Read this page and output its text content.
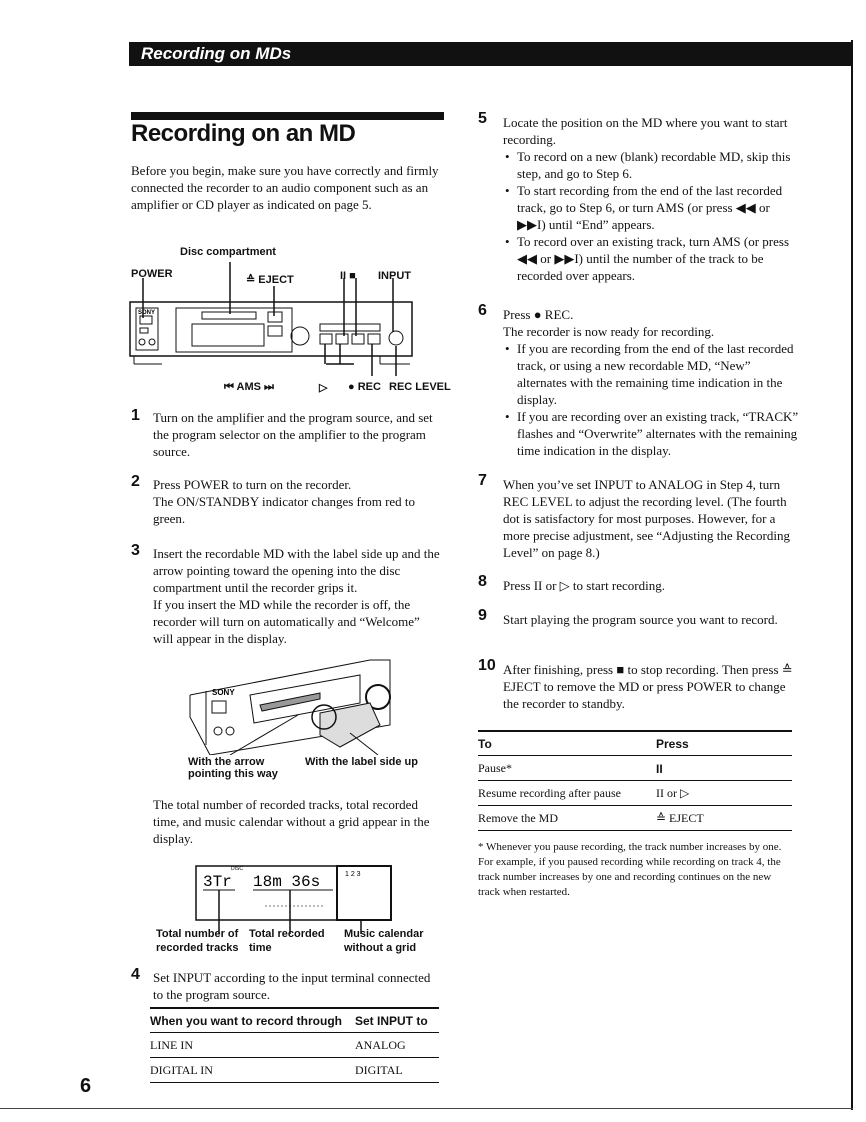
Recording on MDs
Recording on an MD
Before you begin, make sure you have correctly and firmly connected the recorder to an audio component such as an amplifier or CD player as indicated on page 5.
Disc compartment
POWER	≙ EJECT	II ■ INPUT
SONY
⏮ AMS ⏭	▷ ● REC REC LEVEL
1 Turn on the amplifier and the program source, and set the program selector on the amplifier to the program source.
2 Press POWER to turn on the recorder.
The ON/STANDBY indicator changes from red to green.
3 Insert the recordable MD with the label side up and the arrow pointing toward the opening into the disc compartment until the recorder grips it.
If you insert the MD while the recorder is off, the recorder will turn on automatically and “Welcome” will appear in the display.
SONY
With the arrow pointing this way
With the label side up
The total number of recorded tracks, total recorded time, and music calendar without a grid appear in the display.
DISC
3Tr 18m 36s	1 2 3
Total number of recorded tracks
Total recorded time
Music calendar without a grid
4 Set INPUT according to the input terminal connected to the program source.
When you want to record through	Set INPUT to
LINE IN	ANALOG
DIGITAL IN	DIGITAL
6
5 Locate the position on the MD where you want to start recording.
• To record on a new (blank) recordable MD, skip this step, and go to Step 6.
• To start recording from the end of the last recorded track, go to Step 6, or turn AMS (or press ◀◀ or ▶▶I) until “End” appears.
• To record over an existing track, turn AMS (or press ◀◀ or ▶▶I) until the number of the track to be recorded over appears.
6 Press ● REC.
The recorder is now ready for recording.
• If you are recording from the end of the last recorded track, or using a new recordable MD, “New” alternates with the remaining time indication in the display.
• If you are recording over an existing track, “TRACK” flashes and “Overwrite” alternates with the remaining time indication in the display.
7 When you’ve set INPUT to ANALOG in Step 4, turn REC LEVEL to adjust the recording level. (The fourth dot is satisfactory for most purposes. However, for a more precise adjustment, see “Adjusting the Recording Level” on page 8.)
8 Press II or ▷ to start recording.
9 Start playing the program source you want to record.
10 After finishing, press ■ to stop recording. Then press ≙ EJECT to remove the MD or press POWER to change the recorder to standby.
To	Press
Pause*	II
Resume recording after pause	II or ▷
Remove the MD	≙ EJECT
* Whenever you pause recording, the track number increases by one. For example, if you paused recording while recording on track 4, the track number increases by one and recording continues on the new track when restarted.
